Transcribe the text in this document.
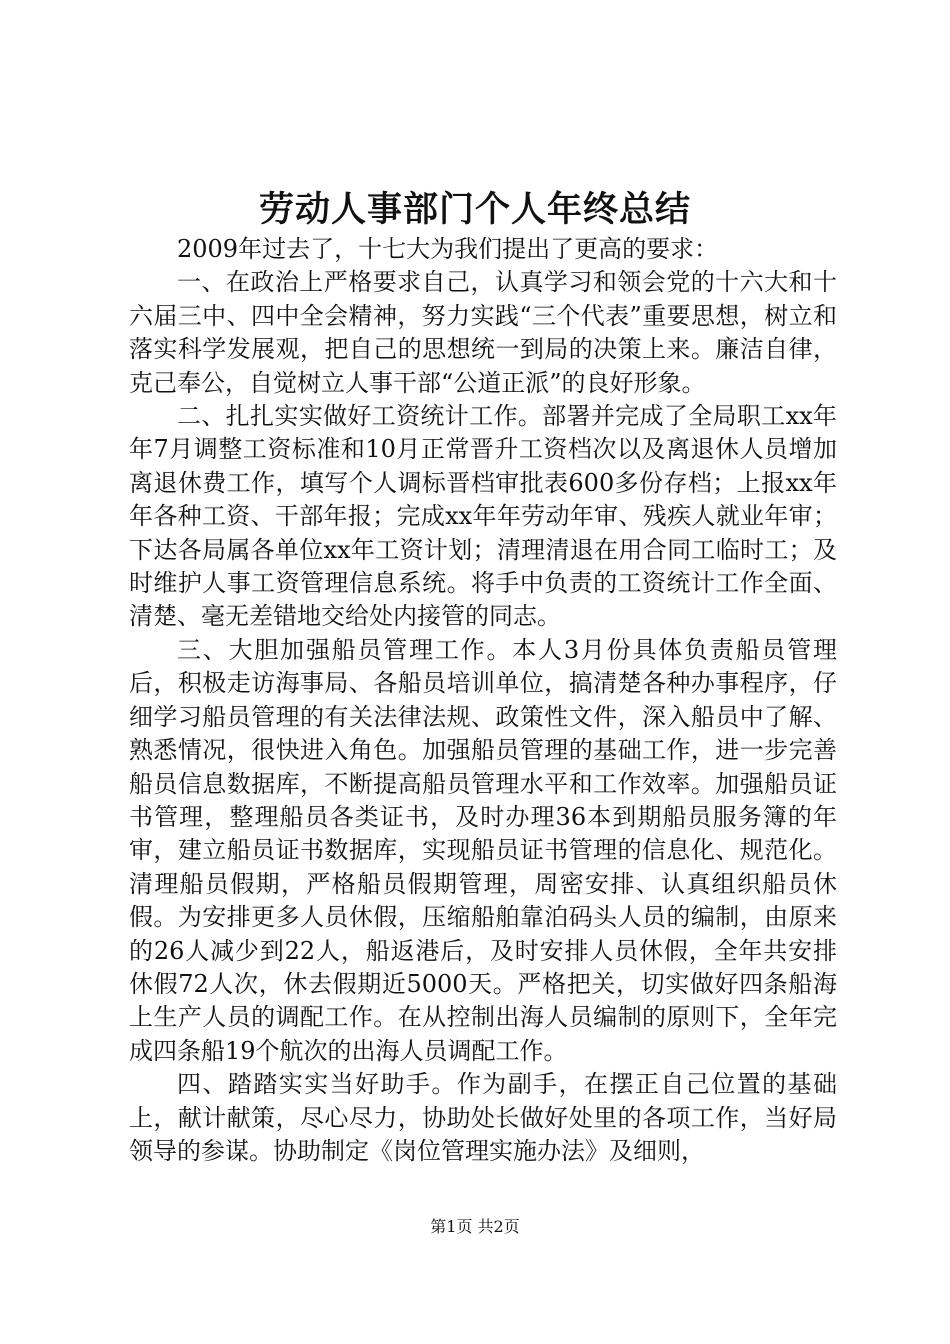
劳动人事部门个人年终总结

2009年过去了，十七大为我们提出了更高的要求：

一、在政治上严格要求自己，认真学习和领会党的十六大和十六届三中、四中全会精神，努力实践“三个代表”重要思想，树立和落实科学发展观，把自己的思想统一到局的决策上来。廉洁自律，克己奉公，自觉树立人事干部“公道正派”的良好形象。

二、扎扎实实做好工资统计工作。部署并完成了全局职工xx年年7月调整工资标准和10月正常晋升工资档次以及离退休人员增加离退休费工作，填写个人调标晋档审批表600多份存档；上报xx年年各种工资、干部年报；完成xx年年劳动年审、残疾人就业年审；下达各局属各单位xx年工资计划；清理清退在用合同工临时工；及时维护人事工资管理信息系统。将手中负责的工资统计工作全面、清楚、毫无差错地交给处内接管的同志。

三、大胆加强船员管理工作。本人3月份具体负责船员管理后，积极走访海事局、各船员培训单位，搞清楚各种办事程序，仔细学习船员管理的有关法律法规、政策性文件，深入船员中了解、熟悉情况，很快进入角色。加强船员管理的基础工作，进一步完善船员信息数据库，不断提高船员管理水平和工作效率。加强船员证书管理，整理船员各类证书，及时办理36本到期船员服务簿的年审，建立船员证书数据库，实现船员证书管理的信息化、规范化。清理船员假期，严格船员假期管理，周密安排、认真组织船员休假。为安排更多人员休假，压缩船舶靠泊码头人员的编制，由原来的26人减少到22人，船返港后，及时安排人员休假，全年共安排休假72人次，休去假期近5000天。严格把关，切实做好四条船海上生产人员的调配工作。在从控制出海人员编制的原则下，全年完成四条船19个航次的出海人员调配工作。

四、踏踏实实当好助手。作为副手，在摆正自己位置的基础上，献计献策，尽心尽力，协助处长做好处里的各项工作，当好局领导的参谋。协助制定《岗位管理实施办法》及细则，

第1页 共2页
